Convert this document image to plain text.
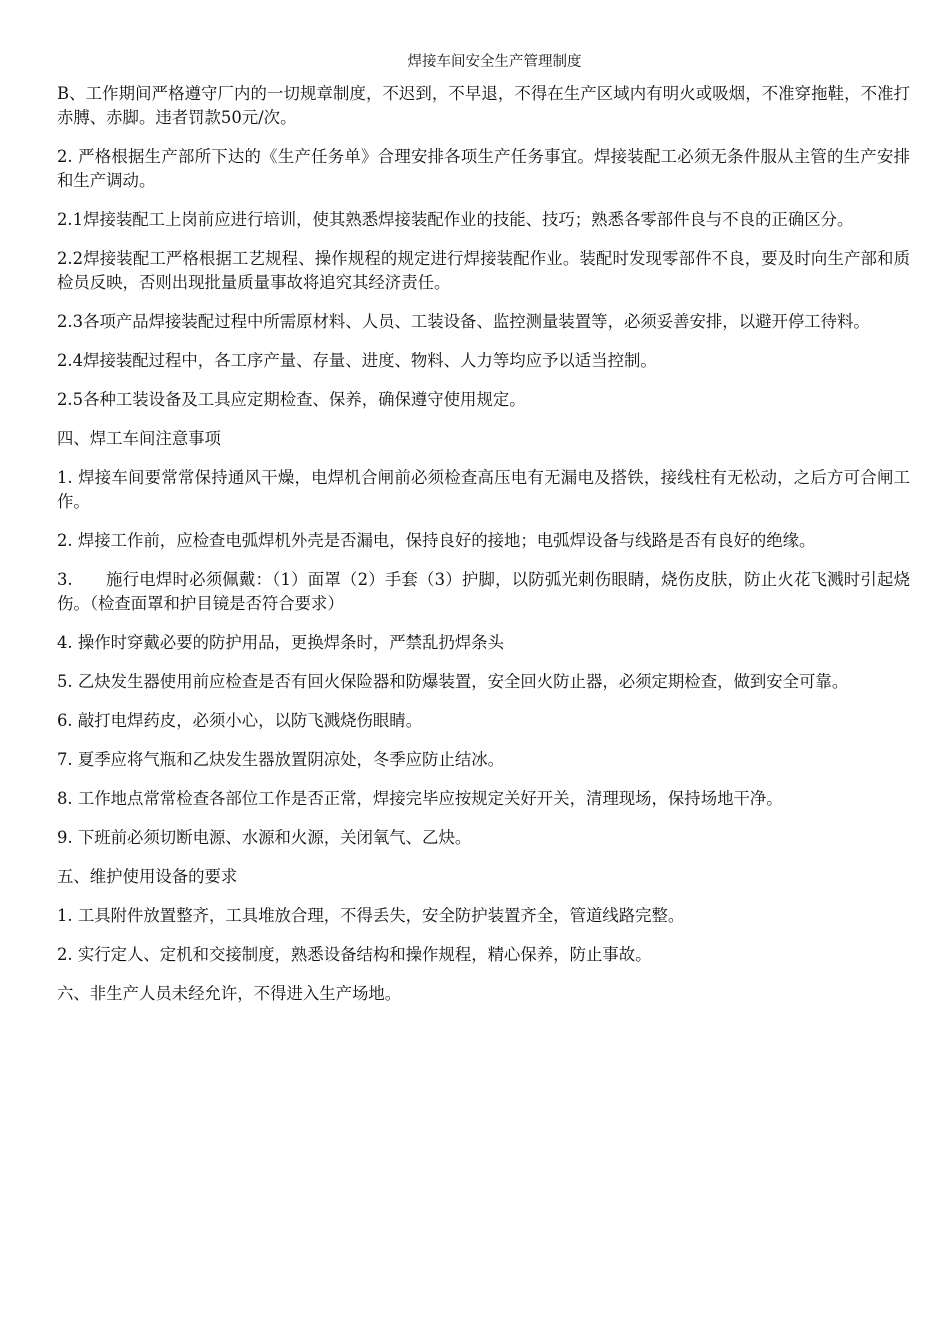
焊接车间安全生产管理制度
B、工作期间严格遵守厂内的一切规章制度，不迟到，不早退，不得在生产区域内有明火或吸烟，不准穿拖鞋，不准打赤膊、赤脚。违者罚款50元/次。
2. 严格根据生产部所下达的《生产任务单》合理安排各项生产任务事宜。焊接装配工必须无条件服从主管的生产安排和生产调动。
2.1焊接装配工上岗前应进行培训，使其熟悉焊接装配作业的技能、技巧；熟悉各零部件良与不良的正确区分。
2.2焊接装配工严格根据工艺规程、操作规程的规定进行焊接装配作业。装配时发现零部件不良，要及时向生产部和质检员反映，否则出现批量质量事故将追究其经济责任。
2.3各项产品焊接装配过程中所需原材料、人员、工装设备、监控测量装置等，必须妥善安排，以避开停工待料。
2.4焊接装配过程中，各工序产量、存量、进度、物料、人力等均应予以适当控制。
2.5各种工装设备及工具应定期检查、保养，确保遵守使用规定。
四、焊工车间注意事项
1. 焊接车间要常常保持通风干燥，电焊机合闸前必须检查高压电有无漏电及搭铁，接线柱有无松动，之后方可合闸工作。
2. 焊接工作前，应检查电弧焊机外壳是否漏电，保持良好的接地；电弧焊设备与线路是否有良好的绝缘。
3.　　施行电焊时必须佩戴：（1）面罩（2）手套（3）护脚，以防弧光刺伤眼睛，烧伤皮肤，防止火花飞溅时引起烧伤。（检查面罩和护目镜是否符合要求）
4. 操作时穿戴必要的防护用品，更换焊条时，严禁乱扔焊条头
5. 乙炔发生器使用前应检查是否有回火保险器和防爆装置，安全回火防止器，必须定期检查，做到安全可靠。
6. 敲打电焊药皮，必须小心，以防飞溅烧伤眼睛。
7. 夏季应将气瓶和乙炔发生器放置阴凉处，冬季应防止结冰。
8. 工作地点常常检查各部位工作是否正常，焊接完毕应按规定关好开关，清理现场，保持场地干净。
9. 下班前必须切断电源、水源和火源，关闭氧气、乙炔。
五、维护使用设备的要求
1. 工具附件放置整齐，工具堆放合理，不得丢失，安全防护装置齐全，管道线路完整。
2. 实行定人、定机和交接制度，熟悉设备结构和操作规程，精心保养，防止事故。
六、非生产人员未经允许，不得进入生产场地。
